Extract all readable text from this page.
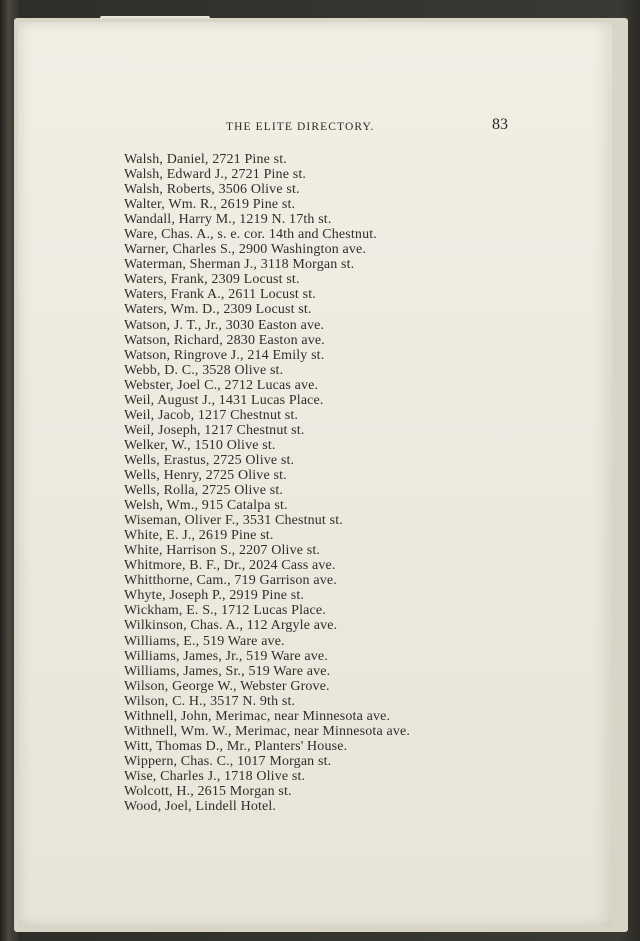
THE ELITE DIRECTORY.	83
Walsh, Daniel, 2721 Pine st.
Walsh, Edward J., 2721 Pine st.
Walsh, Roberts, 3506 Olive st.
Walter, Wm. R., 2619 Pine st.
Wandall, Harry M., 1219 N. 17th st.
Ware, Chas. A., s. e. cor. 14th and Chestnut.
Warner, Charles S., 2900 Washington ave.
Waterman, Sherman J., 3118 Morgan st.
Waters, Frank, 2309 Locust st.
Waters, Frank A., 2611 Locust st.
Waters, Wm. D., 2309 Locust st.
Watson, J. T., Jr., 3030 Easton ave.
Watson, Richard, 2830 Easton ave.
Watson, Ringrove J., 214 Emily st.
Webb, D. C., 3528 Olive st.
Webster, Joel C., 2712 Lucas ave.
Weil, August J., 1431 Lucas Place.
Weil, Jacob, 1217 Chestnut st.
Weil, Joseph, 1217 Chestnut st.
Welker, W., 1510 Olive st.
Wells, Erastus, 2725 Olive st.
Wells, Henry, 2725 Olive st.
Wells, Rolla, 2725 Olive st.
Welsh, Wm., 915 Catalpa st.
Wiseman, Oliver F., 3531 Chestnut st.
White, E. J., 2619 Pine st.
White, Harrison S., 2207 Olive st.
Whitmore, B. F., Dr., 2024 Cass ave.
Whitthorne, Cam., 719 Garrison ave.
Whyte, Joseph P., 2919 Pine st.
Wickham, E. S., 1712 Lucas Place.
Wilkinson, Chas. A., 112 Argyle ave.
Williams, E., 519 Ware ave.
Williams, James, Jr., 519 Ware ave.
Williams, James, Sr., 519 Ware ave.
Wilson, George W., Webster Grove.
Wilson, C. H., 3517 N. 9th st.
Withnell, John, Merimac, near Minnesota ave.
Withnell, Wm. W., Merimac, near Minnesota ave.
Witt, Thomas D., Mr., Planters' House.
Wippern, Chas. C., 1017 Morgan st.
Wise, Charles J., 1718 Olive st.
Wolcott, H., 2615 Morgan st.
Wood, Joel, Lindell Hotel.
